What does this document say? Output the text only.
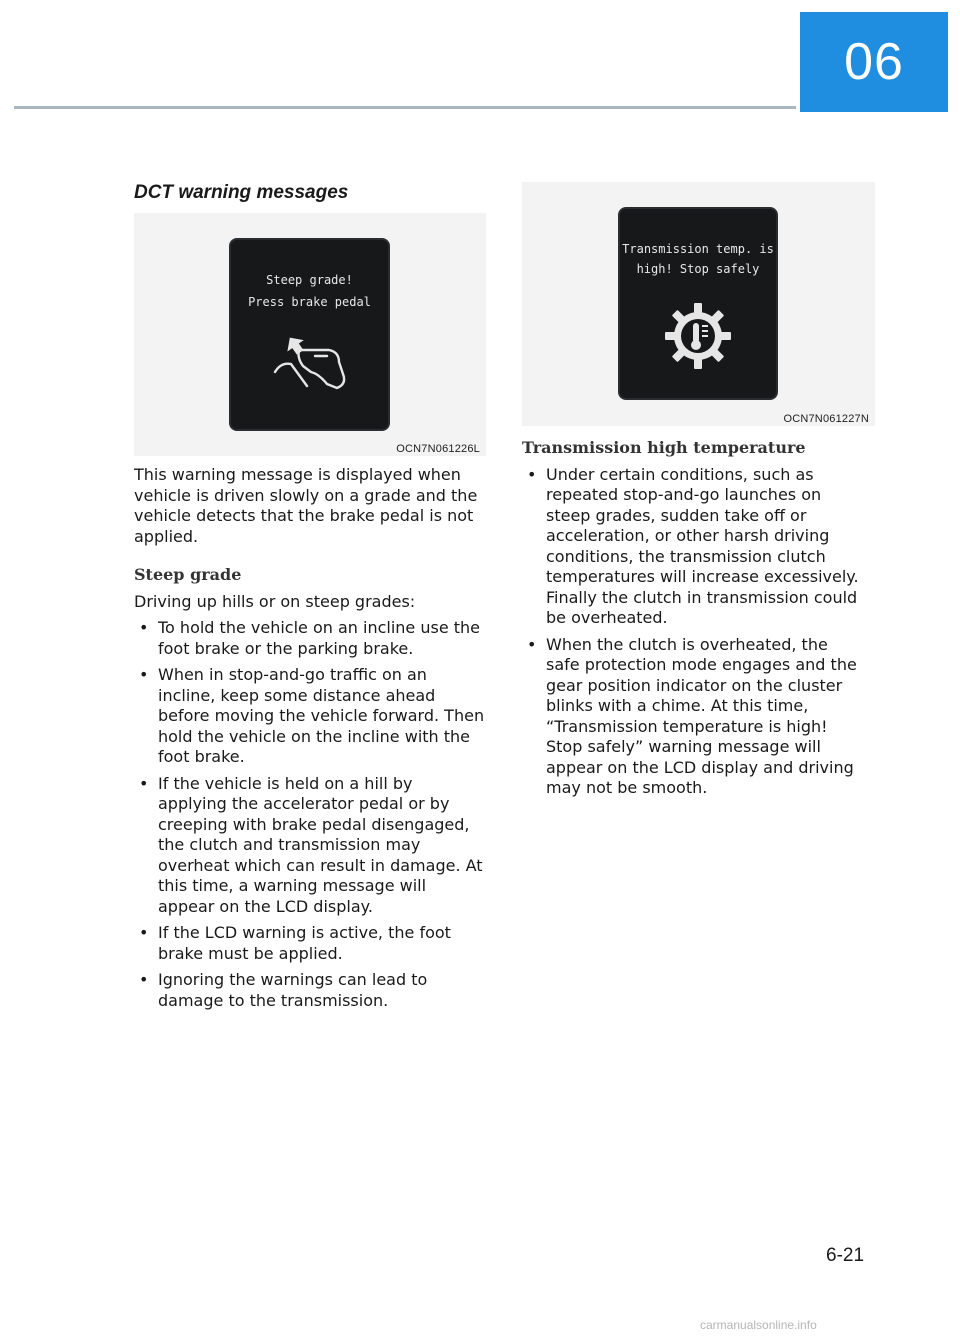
06
DCT warning messages
Steep grade!
Press brake pedal
OCN7N061226L
Transmission temp. is
high! Stop safely
OCN7N061227N

This warning message is displayed when vehicle is driven slowly on a grade and the vehicle detects that the brake pedal is not applied.

Steep grade

Driving up hills or on steep grades:

• To hold the vehicle on an incline use the foot brake or the parking brake.
• When in stop-and-go traffic on an incline, keep some distance ahead before moving the vehicle forward. Then hold the vehicle on the incline with the foot brake.
• If the vehicle is held on a hill by applying the accelerator pedal or by creeping with brake pedal disengaged, the clutch and transmission may overheat which can result in damage. At this time, a warning message will appear on the LCD display.
• If the LCD warning is active, the foot brake must be applied.
• Ignoring the warnings can lead to damage to the transmission.
Transmission high temperature
• Under certain conditions, such as repeated stop-and-go launches on steep grades, sudden take off or acceleration, or other harsh driving conditions, the transmission clutch temperatures will increase excessively. Finally the clutch in transmission could be overheated.
• When the clutch is overheated, the safe protection mode engages and the gear position indicator on the cluster blinks with a chime. At this time, “Transmission temperature is high! Stop safely” warning message will appear on the LCD display and driving may not be smooth.
6-21
carmanualsonline.info
